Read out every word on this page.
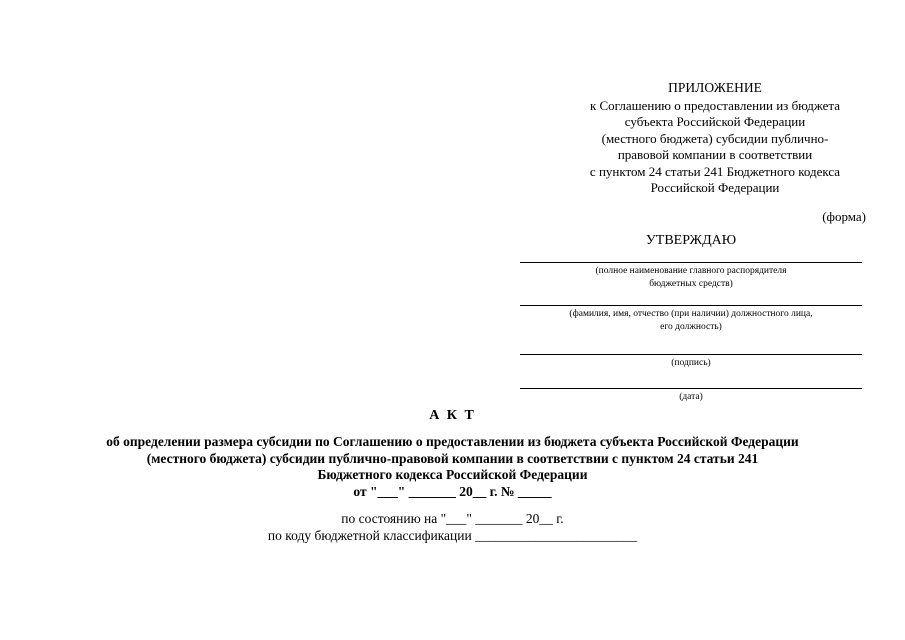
ПРИЛОЖЕНИЕ
к Соглашению о предоставлении из бюджета
субъекта Российской Федерации
(местного бюджета) субсидии публично-
правовой компании в соответствии
с пунктом 24 статьи 241 Бюджетного кодекса
Российской Федерации
(форма)
УТВЕРЖДАЮ
(полное наименование главного распорядителя
бюджетных средств)
(фамилия, имя, отчество (при наличии) должностного лица,
его должность)
(подпись)
(дата)
А К Т
об определении размера субсидии по Соглашению о предоставлении из бюджета субъекта Российской Федерации
(местного бюджета) субсидии публично-правовой компании в соответствии с пунктом 24 статьи 241
Бюджетного кодекса Российской Федерации
от "___" _______ 20__ г. № _____
по состоянию на "___" _______ 20__ г.
по коду бюджетной классификации ________________________
